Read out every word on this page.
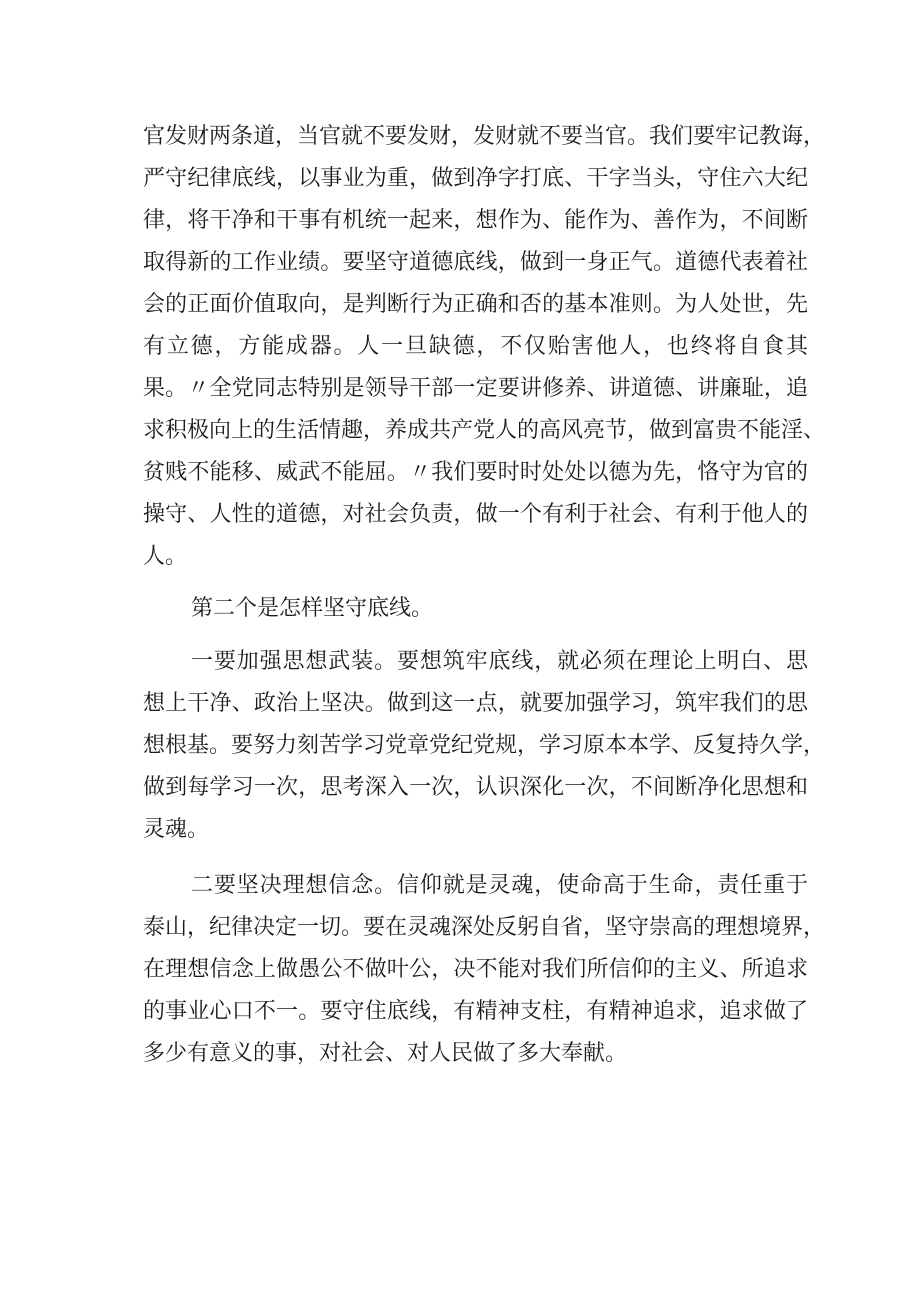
官发财两条道，当官就不要发财，发财就不要当官。我们要牢记教诲，
严守纪律底线，以事业为重，做到净字打底、干字当头，守住六大纪
律，将干净和干事有机统一起来，想作为、能作为、善作为，不间断
取得新的工作业绩。要坚守道德底线，做到一身正气。道德代表着社
会的正面价值取向，是判断行为正确和否的基本准则。为人处世，先
有立德，方能成器。人一旦缺德，不仅贻害他人，也终将自食其
果。〃全党同志特别是领导干部一定要讲修养、讲道德、讲廉耻，追
求积极向上的生活情趣，养成共产党人的高风亮节，做到富贵不能淫、
贫贱不能移、威武不能屈。〃我们要时时处处以德为先，恪守为官的
操守、人性的道德，对社会负责，做一个有利于社会、有利于他人的
人。
第二个是怎样坚守底线。
一要加强思想武装。要想筑牢底线，就必须在理论上明白、思
想上干净、政治上坚决。做到这一点，就要加强学习，筑牢我们的思
想根基。要努力刻苦学习党章党纪党规，学习原本本学、反复持久学，
做到每学习一次，思考深入一次，认识深化一次，不间断净化思想和
灵魂。
二要坚决理想信念。信仰就是灵魂，使命高于生命，责任重于
泰山，纪律决定一切。要在灵魂深处反躬自省，坚守崇高的理想境界，
在理想信念上做愚公不做叶公，决不能对我们所信仰的主义、所追求
的事业心口不一。要守住底线，有精神支柱，有精神追求，追求做了
多少有意义的事，对社会、对人民做了多大奉献。
